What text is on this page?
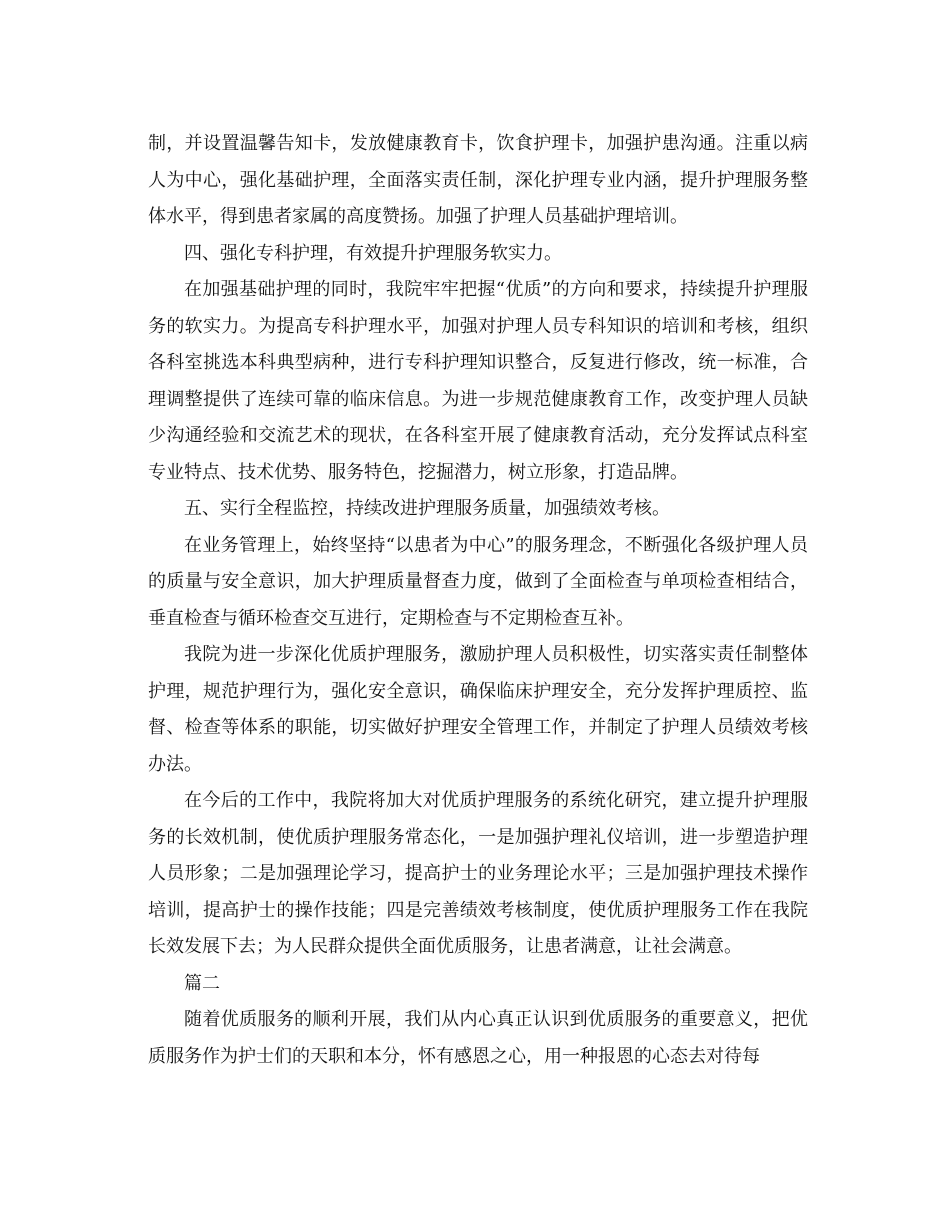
制，并设置温馨告知卡，发放健康教育卡，饮食护理卡，加强护患沟通。注重以病人为中心，强化基础护理，全面落实责任制，深化护理专业内涵，提升护理服务整体水平，得到患者家属的高度赞扬。加强了护理人员基础护理培训。

四、强化专科护理，有效提升护理服务软实力。

在加强基础护理的同时，我院牢牢把握“优质”的方向和要求，持续提升护理服务的软实力。为提高专科护理水平，加强对护理人员专科知识的培训和考核，组织各科室挑选本科典型病种，进行专科护理知识整合，反复进行修改，统一标准，合理调整提供了连续可靠的临床信息。为进一步规范健康教育工作，改变护理人员缺少沟通经验和交流艺术的现状，在各科室开展了健康教育活动，充分发挥试点科室专业特点、技术优势、服务特色，挖掘潜力，树立形象，打造品牌。

五、实行全程监控，持续改进护理服务质量，加强绩效考核。

在业务管理上，始终坚持“以患者为中心”的服务理念，不断强化各级护理人员的质量与安全意识，加大护理质量督查力度，做到了全面检查与单项检查相结合，垂直检查与循环检查交互进行，定期检查与不定期检查互补。

我院为进一步深化优质护理服务，激励护理人员积极性，切实落实责任制整体护理，规范护理行为，强化安全意识，确保临床护理安全，充分发挥护理质控、监督、检查等体系的职能，切实做好护理安全管理工作，并制定了护理人员绩效考核办法。

在今后的工作中，我院将加大对优质护理服务的系统化研究，建立提升护理服务的长效机制，使优质护理服务常态化，一是加强护理礼仪培训，进一步塑造护理人员形象；二是加强理论学习，提高护士的业务理论水平；三是加强护理技术操作培训，提高护士的操作技能；四是完善绩效考核制度，使优质护理服务工作在我院长效发展下去；为人民群众提供全面优质服务，让患者满意，让社会满意。

篇二

随着优质服务的顺利开展，我们从内心真正认识到优质服务的重要意义，把优质服务作为护士们的天职和本分，怀有感恩之心，用一种报恩的心态去对待每
